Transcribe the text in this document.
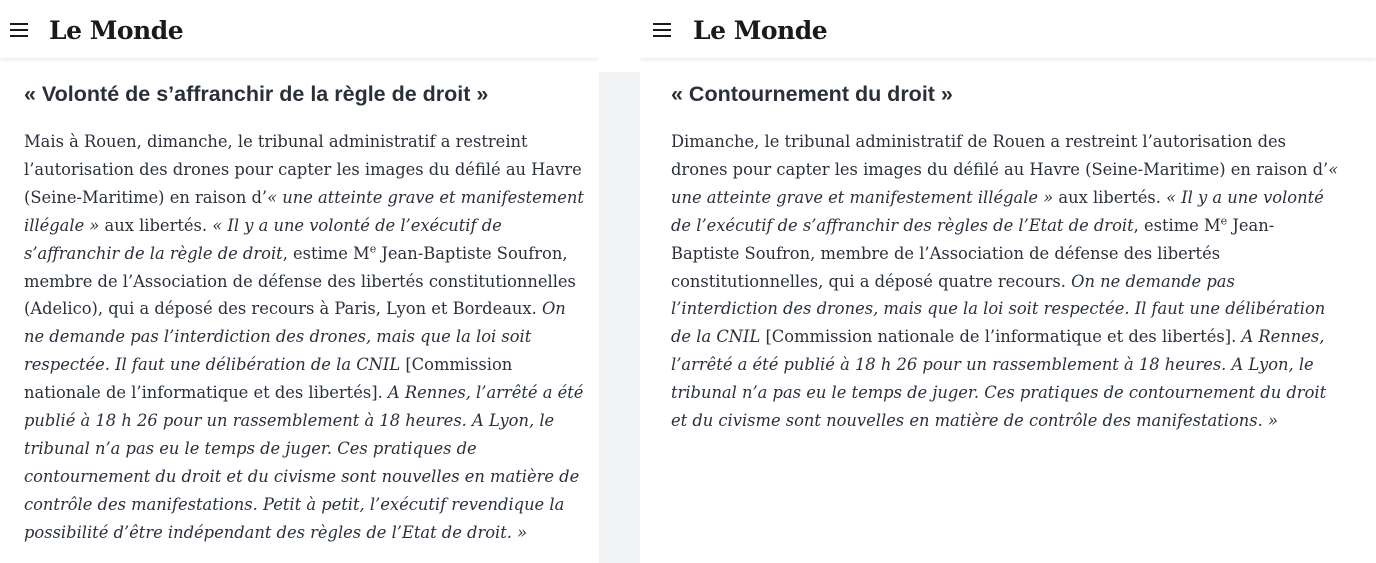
Le Monde
« Volonté de s’affranchir de la règle de droit »

Mais à Rouen, dimanche, le tribunal administratif a restreint l’autorisation des drones pour capter les images du défilé au Havre (Seine-Maritime) en raison d’« une atteinte grave et manifestement illégale » aux libertés. « Il y a une volonté de l’exécutif de s’affranchir de la règle de droit, estime Me Jean-Baptiste Soufron, membre de l’Association de défense des libertés constitutionnelles (Adelico), qui a déposé des recours à Paris, Lyon et Bordeaux. On ne demande pas l’interdiction des drones, mais que la loi soit respectée. Il faut une délibération de la CNIL [Commission nationale de l’informatique et des libertés]. A Rennes, l’arrêté a été publié à 18 h 26 pour un rassemblement à 18 heures. A Lyon, le tribunal n’a pas eu le temps de juger. Ces pratiques de contournement du droit et du civisme sont nouvelles en matière de contrôle des manifestations. Petit à petit, l’exécutif revendique la possibilité d’être indépendant des règles de l’Etat de droit. »

Le Monde
« Contournement du droit »

Dimanche, le tribunal administratif de Rouen a restreint l’autorisation des drones pour capter les images du défilé au Havre (Seine-Maritime) en raison d’« une atteinte grave et manifestement illégale » aux libertés. « Il y a une volonté de l’exécutif de s’affranchir des règles de l’Etat de droit, estime Me Jean-Baptiste Soufron, membre de l’Association de défense des libertés constitutionnelles, qui a déposé quatre recours. On ne demande pas l’interdiction des drones, mais que la loi soit respectée. Il faut une délibération de la CNIL [Commission nationale de l’informatique et des libertés]. A Rennes, l’arrêté a été publié à 18 h 26 pour un rassemblement à 18 heures. A Lyon, le tribunal n’a pas eu le temps de juger. Ces pratiques de contournement du droit et du civisme sont nouvelles en matière de contrôle des manifestations. »
